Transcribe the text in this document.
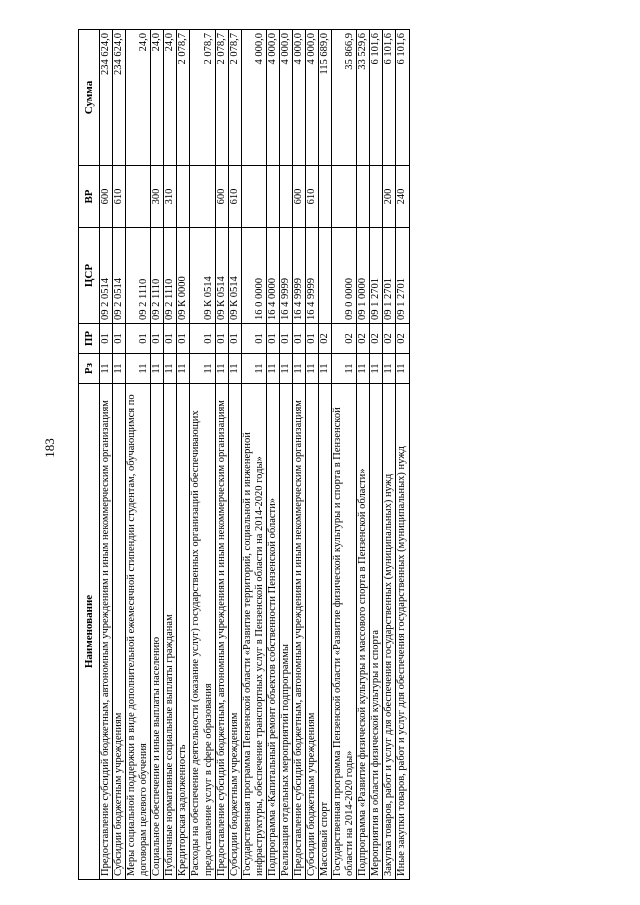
183
Наименование	Рз	ПР	ЦСР	ВР	Сумма
Предоставление субсидий бюджетным, автономным учреждениям и иным некоммерческим организациям	11	01	09 2 0514	600	234 624,0
Субсидии бюджетным учреждениям	11	01	09 2 0514	610	234 624,0
Меры социальной поддержки в виде дополнительной ежемесячной стипендии студентам, обучающимся по договорам целевого обучения	11	01	09 2 1110		24,0
Социальное обеспечение и иные выплаты населению	11	01	09 2 1110	300	24,0
Публичные нормативные социальные выплаты гражданам	11	01	09 2 1110	310	24,0
Кредиторская задолженность	11	01	09 К 0000		2 078,7
Расходы на обеспечение деятельности (оказание услуг) государственных организаций обеспечивающих предоставление услуг в сфере образования	11	01	09 К 0514		2 078,7
Предоставление субсидий бюджетным, автономным учреждениям и иным некоммерческим организациям	11	01	09 К 0514	600	2 078,7
Субсидии бюджетным учреждениям	11	01	09 К 0514	610	2 078,7
Государственная программа Пензенской области «Развитие территорий, социальной и инженерной инфраструктуры, обеспечение транспортных услуг в Пензенской области на 2014-2020 годы»	11	01	16 0 0000		4 000,0
Подпрограмма «Капитальный ремонт объектов собственности Пензенской области»	11	01	16 4 0000		4 000,0
Реализация отдельных мероприятий подпрограммы	11	01	16 4 9999		4 000,0
Предоставление субсидий бюджетным, автономным учреждениям и иным некоммерческим организациям	11	01	16 4 9999	600	4 000,0
Субсидии бюджетным учреждениям	11	01	16 4 9999	610	4 000,0
Массовый спорт	11	02			115 689,0
Государственная программа Пензенской области «Развитие физической культуры и спорта в Пензенской области на 2014-2020 годы»	11	02	09 0 0000		35 866,9
Подпрограмма «Развитие физической культуры и массового спорта в Пензенской области»	11	02	09 1 0000		33 529,6
Мероприятия в области физической культуры и спорта	11	02	09 1 2701		6 101,6
Закупка товаров, работ и услуг для обеспечения государственных (муниципальных) нужд	11	02	09 1 2701	200	6 101,6
Иные закупки товаров, работ и услуг для обеспечения государственных (муниципальных) нужд	11	02	09 1 2701	240	6 101,6
